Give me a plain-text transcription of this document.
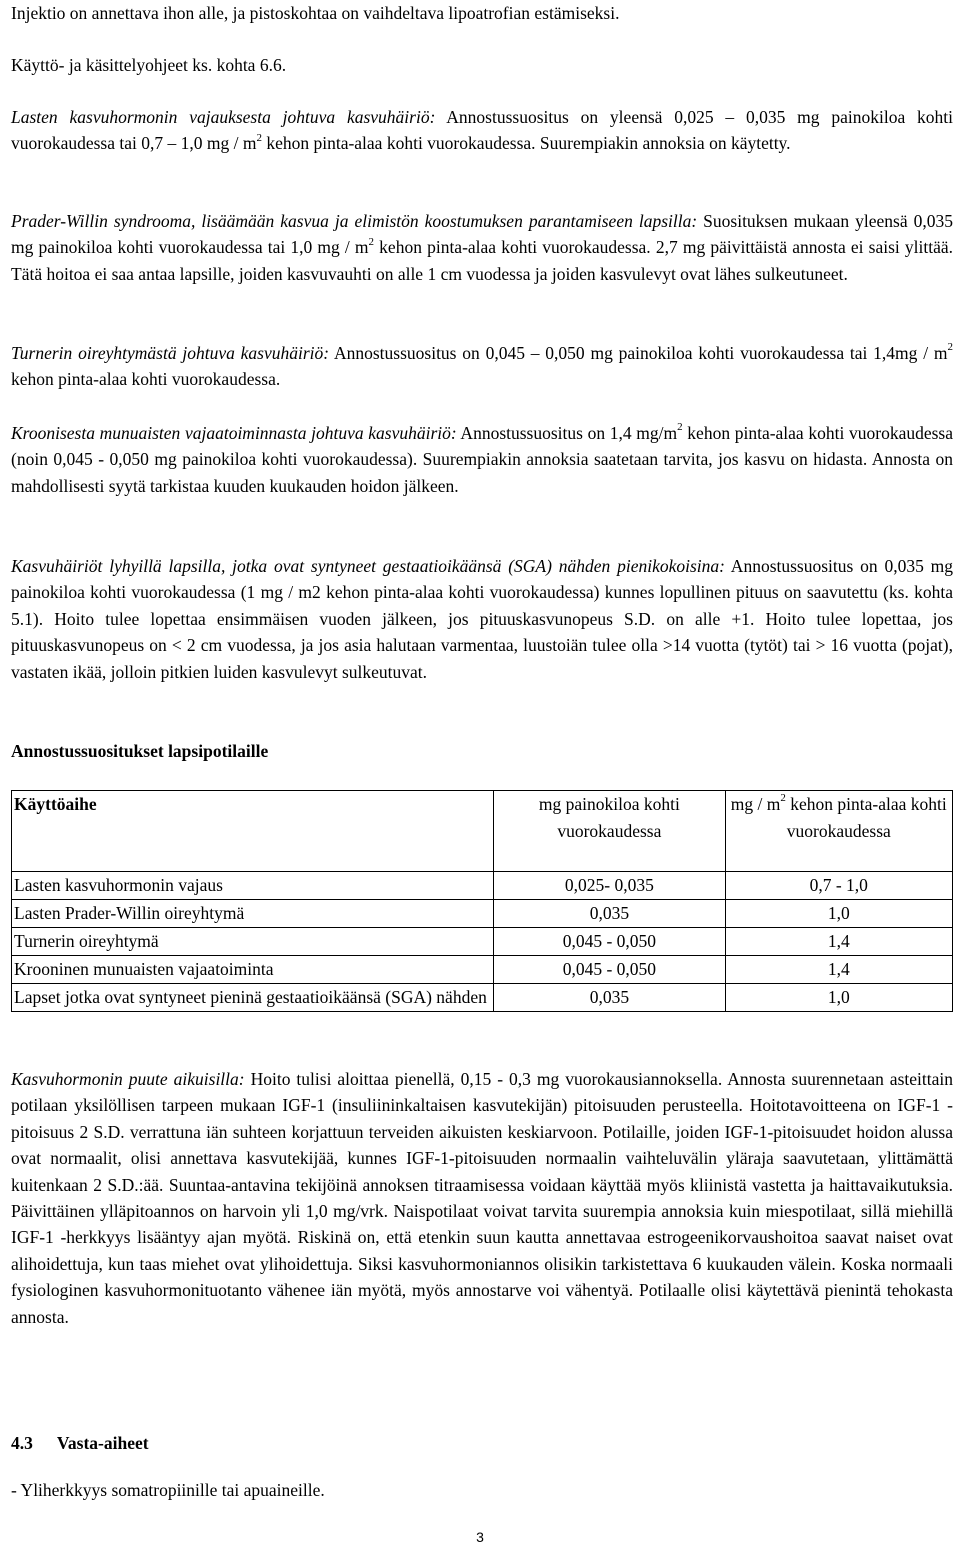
Injektio on annettava ihon alle, ja pistoskohtaa on vaihdeltava lipoatrofian estämiseksi.

Käyttö- ja käsittelyohjeet ks. kohta 6.6.

Lasten kasvuhormonin vajauksesta johtuva kasvuhäiriö: Annostussuositus on yleensä 0,025 – 0,035 mg painokiloa kohti vuorokaudessa tai 0,7 – 1,0 mg / $m^2$ kehon pinta-alaa kohti vuorokaudessa. Suurempiakin annoksia on käytetty.

Prader-Willin syndrooma, lisäämään kasvua ja elimistön koostumuksen parantamiseen lapsilla: Suosituksen mukaan yleensä 0,035 mg painokiloa kohti vuorokaudessa tai 1,0 mg / $m^2$ kehon pinta-alaa kohti vuorokaudessa. 2,7 mg päivittäistä annosta ei saisi ylittää. Tätä hoitoa ei saa antaa lapsille, joiden kasvuvauhti on alle 1 cm vuodessa ja joiden kasvulevyt ovat lähes sulkeutuneet.

Turnerin oireyhtymästä johtuva kasvuhäiriö: Annostussuositus on 0,045 – 0,050 mg painokiloa kohti vuorokaudessa tai $1,4mg / m^2$ kehon pinta-alaa kohti vuorokaudessa.

Kroonisesta munuaisten vajaatoiminnasta johtuva kasvuhäiriö: Annostussuositus on 1,4 $mg/m^2$ kehon pinta-alaa kohti vuorokaudessa (noin 0,045 - 0,050 mg painokiloa kohti vuorokaudessa). Suurempiakin annoksia saatetaan tarvita, jos kasvu on hidasta. Annosta on mahdollisesti syytä tarkistaa kuuden kuukauden hoidon jälkeen.

Kasvuhäiriöt lyhyillä lapsilla, jotka ovat syntyneet gestaatioikäänsä (SGA) nähden pienikokoisina: Annostussuositus on 0,035 mg painokiloa kohti vuorokaudessa (1 mg / m2 kehon pinta-alaa kohti vuorokaudessa) kunnes lopullinen pituus on saavutettu (ks. kohta 5.1). Hoito tulee lopettaa ensimmäisen vuoden jälkeen, jos pituuskasvunopeus S.D. on alle +1. Hoito tulee lopettaa, jos pituuskasvunopeus on < 2 cm vuodessa, ja jos asia halutaan varmentaa, luustoiän tulee olla >14 vuotta (tytöt) tai > 16 vuotta (pojat), vastaten ikää, jolloin pitkien luiden kasvulevyt sulkeutuvat.

Annostussuositukset lapsipotilaille

Käyttöaihe	mg painokiloa kohti vuorokaudessa	mg / $m^2$ kehon pinta-alaa kohti vuorokaudessa
Lasten kasvuhormonin vajaus	0,025- 0,035	0,7 - 1,0
Lasten Prader-Willin oireyhtymä	0,035	1,0
Turnerin oireyhtymä	0,045 - 0,050	1,4
Krooninen munuaisten vajaatoiminta	0,045 - 0,050	1,4
Lapset jotka ovat syntyneet pieninä gestaatioikäänsä (SGA) nähden	0,035	1,0

Kasvuhormonin puute aikuisilla: Hoito tulisi aloittaa pienellä, 0,15 - 0,3 mg vuorokausiannoksella. Annosta suurennetaan asteittain potilaan yksilöllisen tarpeen mukaan IGF-1 (insuliininkaltaisen kasvutekijän) pitoisuuden perusteella. Hoitotavoitteena on IGF-1 -pitoisuus 2 S.D. verrattuna iän suhteen korjattuun terveiden aikuisten keskiarvoon. Potilaille, joiden IGF-1-pitoisuudet hoidon alussa ovat normaalit, olisi annettava kasvutekijää, kunnes IGF-1-pitoisuuden normaalin vaihteluvälin yläraja saavutetaan, ylittämättä kuitenkaan 2 S.D.:ää. Suuntaa-antavina tekijöinä annoksen titraamisessa voidaan käyttää myös kliinistä vastetta ja haittavaikutuksia. Päivittäinen ylläpitoannos on harvoin yli 1,0 mg/vrk. Naispotilaat voivat tarvita suurempia annoksia kuin miespotilaat, sillä miehillä IGF-1 -herkkyys lisääntyy ajan myötä. Riskinä on, että etenkin suun kautta annettavaa estrogeenikorvaushoitoa saavat naiset ovat alihoidettuja, kun taas miehet ovat ylihoidettuja. Siksi kasvuhormoniannos olisikin tarkistettava 6 kuukauden välein. Koska normaali fysiologinen kasvuhormonituotanto vähenee iän myötä, myös annostarve voi vähentyä. Potilaalle olisi käytettävä pienintä tehokasta annosta.

4.3 Vasta-aiheet

- Yliherkkyys somatropiinille tai apuaineille.

3
